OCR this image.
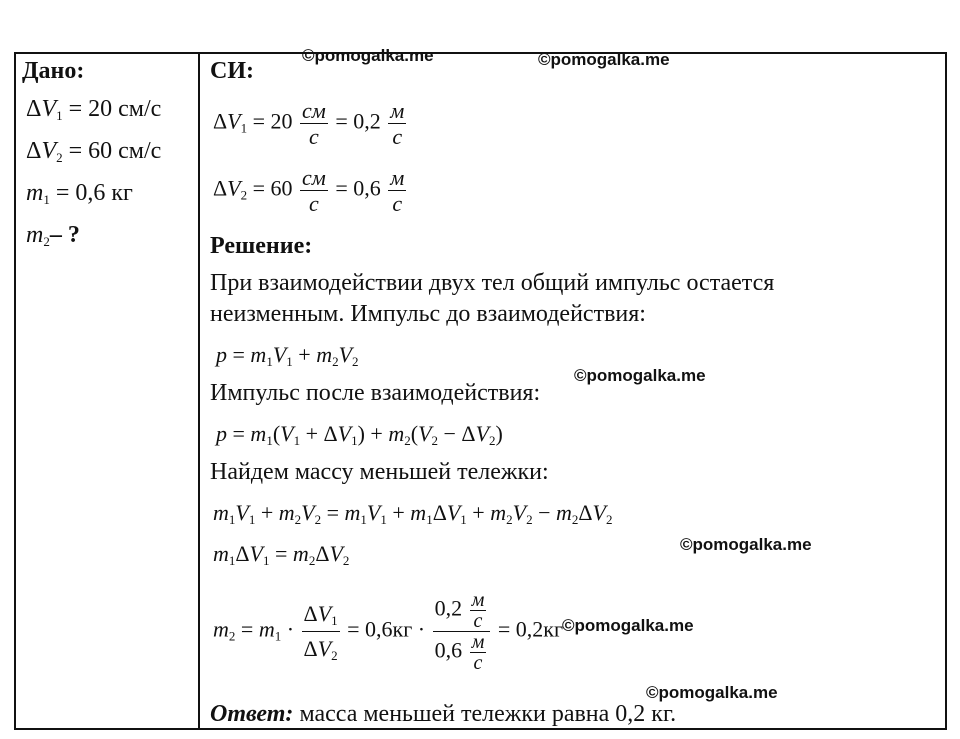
©pomogalka.me	©pomogalka.me
©pomogalka.me
©pomogalka.me
©pomogalka.me
©pomogalka.me
Дано:
$\Delta V_1 = 20$ см/с
$\Delta V_2 = 60$ см/с
$m_1 = 0,6$ кг
$m_2-$ ?
СИ:
$\Delta V_1 = 20 \frac{см}{с} = 0,2 \frac{м}{с}$
$\Delta V_2 = 60 \frac{см}{с} = 0,6 \frac{м}{с}$
Решение:
При взаимодействии двух тел общий импульс остается
неизменным. Импульс до взаимодействия:
$p = m_1V_1 + m_2V_2$
Импульс после взаимодействия:
$p = m_1(V_1 + \Delta V_1) + m_2(V_2 - \Delta V_2)$
Найдем массу меньшей тележки:
$m_1V_1 + m_2V_2 = m_1V_1 + m_1\Delta V_1 + m_2V_2 - m_2\Delta V_2$
$m_1\Delta V_1 = m_2\Delta V_2$
$m_2 = m_1 \cdot \frac{\Delta V_1}{\Delta V_2} = 0,6кг \cdot \frac{0,2 \frac{м}{с}}{0,6 \frac{м}{с}} = 0,2кг$
Ответ: масса меньшей тележки равна 0,2 кг.
